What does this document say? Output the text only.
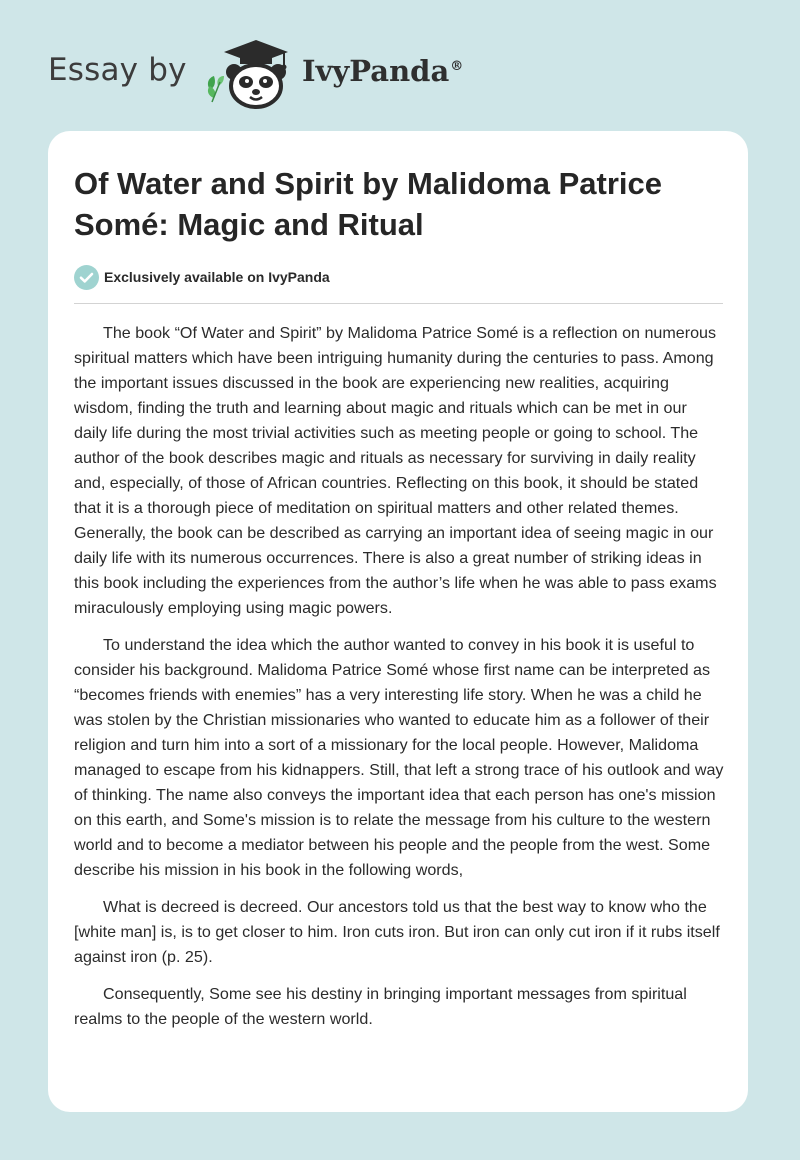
Essay by	IvyPanda®
Of Water and Spirit by Malidoma Patrice Somé: Magic and Ritual
Exclusively available on IvyPanda

The book “Of Water and Spirit” by Malidoma Patrice Somé is a reflection on numerous spiritual matters which have been intriguing humanity during the centuries to pass. Among the important issues discussed in the book are experiencing new realities, acquiring wisdom, finding the truth and learning about magic and rituals which can be met in our daily life during the most trivial activities such as meeting people or going to school. The author of the book describes magic and rituals as necessary for surviving in daily reality and, especially, of those of African countries. Reflecting on this book, it should be stated that it is a thorough piece of meditation on spiritual matters and other related themes. Generally, the book can be described as carrying an important idea of seeing magic in our daily life with its numerous occurrences. There is also a great number of striking ideas in this book including the experiences from the author’s life when he was able to pass exams miraculously employing using magic powers.

To understand the idea which the author wanted to convey in his book it is useful to consider his background. Malidoma Patrice Somé whose first name can be interpreted as “becomes friends with enemies” has a very interesting life story. When he was a child he was stolen by the Christian missionaries who wanted to educate him as a follower of their religion and turn him into a sort of a missionary for the local people. However, Malidoma managed to escape from his kidnappers. Still, that left a strong trace of his outlook and way of thinking. The name also conveys the important idea that each person has one's mission on this earth, and Some's mission is to relate the message from his culture to the western world and to become a mediator between his people and the people from the west. Some describe his mission in his book in the following words,

What is decreed is decreed. Our ancestors told us that the best way to know who the [white man] is, is to get closer to him. Iron cuts iron. But iron can only cut iron if it rubs itself against iron (p. 25).

Consequently, Some see his destiny in bringing important messages from spiritual realms to the people of the western world.
